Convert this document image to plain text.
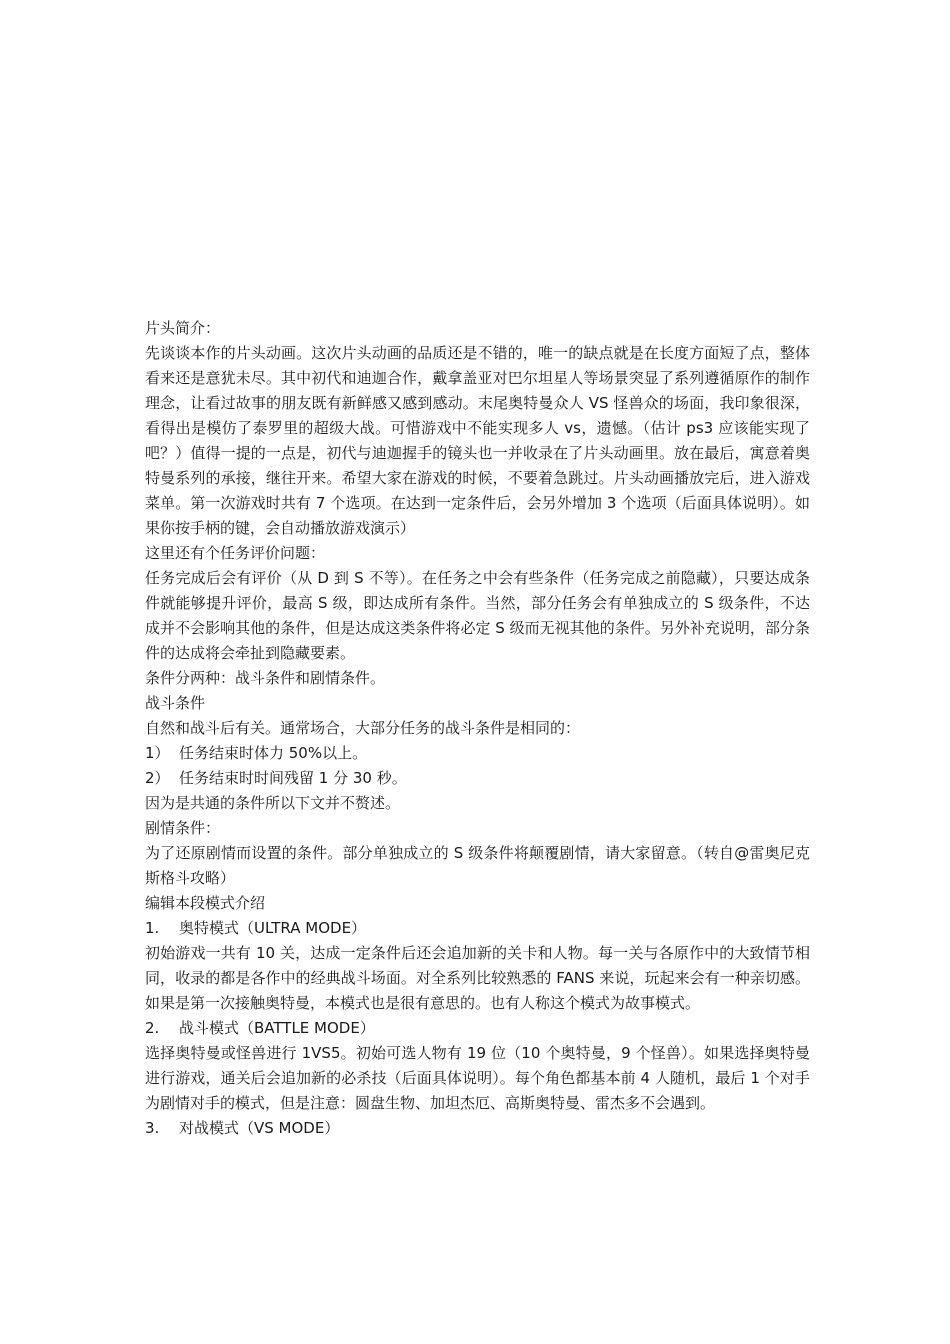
片头简介：

先谈谈本作的片头动画。这次片头动画的品质还是不错的，唯一的缺点就是在长度方面短了点，整体看来还是意犹未尽。其中初代和迪迦合作，戴拿盖亚对巴尔坦星人等场景突显了系列遵循原作的制作理念，让看过故事的朋友既有新鲜感又感到感动。末尾奥特曼众人 VS 怪兽众的场面，我印象很深，看得出是模仿了泰罗里的超级大战。可惜游戏中不能实现多人 vs，遗憾。（估计 ps3 应该能实现了吧？）值得一提的一点是，初代与迪迦握手的镜头也一并收录在了片头动画里。放在最后，寓意着奥特曼系列的承接，继往开来。希望大家在游戏的时候，不要着急跳过。片头动画播放完后，进入游戏菜单。第一次游戏时共有 7 个选项。在达到一定条件后，会另外增加 3 个选项（后面具体说明）。如果你按手柄的键，会自动播放游戏演示）

这里还有个任务评价问题：

任务完成后会有评价（从 D 到 S 不等）。在任务之中会有些条件（任务完成之前隐藏），只要达成条件就能够提升评价，最高 S 级，即达成所有条件。当然，部分任务会有单独成立的 S 级条件，不达成并不会影响其他的条件，但是达成这类条件将必定 S 级而无视其他的条件。另外补充说明，部分条件的达成将会牵扯到隐藏要素。

条件分两种：战斗条件和剧情条件。

战斗条件

自然和战斗后有关。通常场合，大部分任务的战斗条件是相同的：

1） 任务结束时体力 50%以上。
2） 任务结束时时间残留 1 分 30 秒。

因为是共通的条件所以下文并不赘述。

剧情条件：

为了还原剧情而设置的条件。部分单独成立的 S 级条件将颠覆剧情，请大家留意。（转自@雷奥尼克斯格斗攻略）

编辑本段模式介绍

1.	奥特模式（ULTRA MODE）

初始游戏一共有 10 关，达成一定条件后还会追加新的关卡和人物。每一关与各原作中的大致情节相同，收录的都是各作中的经典战斗场面。对全系列比较熟悉的 FANS 来说，玩起来会有一种亲切感。如果是第一次接触奥特曼，本模式也是很有意思的。也有人称这个模式为故事模式。

2.	战斗模式（BATTLE MODE）

选择奥特曼或怪兽进行 1VS5。初始可选人物有 19 位（10 个奥特曼，9 个怪兽）。如果选择奥特曼进行游戏，通关后会追加新的必杀技（后面具体说明）。每个角色都基本前 4 人随机，最后 1 个对手为剧情对手的模式，但是注意：圆盘生物、加坦杰厄、高斯奥特曼、雷杰多不会遇到。

3.	对战模式（VS MODE）
